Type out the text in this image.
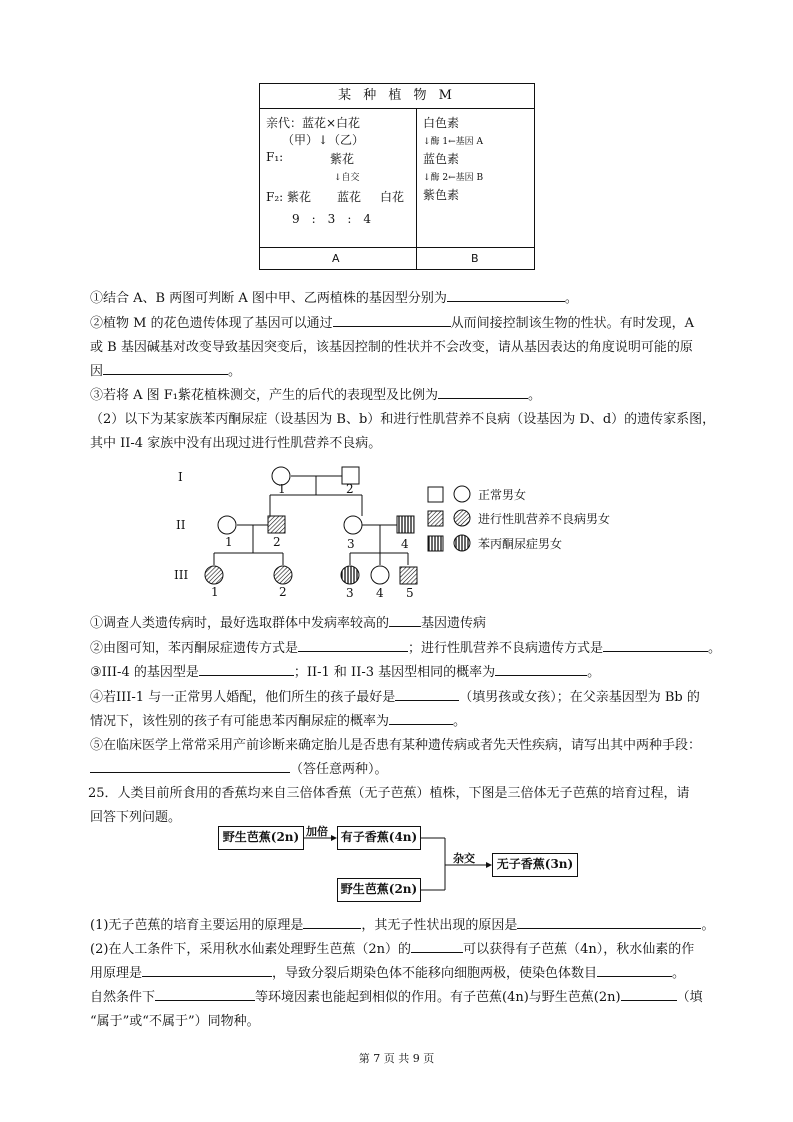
某 种 植 物 M
亲代：蓝花×白花
（甲）↓（乙）
F₁:	紫花
↓自交
F₂: 紫花 蓝花 白花
9　:　3　:　4
白色素
↓酶 1←基因 A
蓝色素
↓酶 2←基因 B
紫色素
A	B
①结合 A、B 两图可判断 A 图中甲、乙两植株的基因型分别为	。
②植物 M 的花色遗传体现了基因可以通过	从而间接控制该生物的性状。有时发现，A
或 B 基因碱基对改变导致基因突变后，该基因控制的性状并不会改变，请从基因表达的角度说明可能的原
因	。
③若将 A 图 F₁紫花植株测交，产生的后代的表现型及比例为	。
（2）以下为某家族苯丙酮尿症（设基因为 B、b）和进行性肌营养不良病（设基因为 D、d）的遗传家系图，
其中 II-4 家族中没有出现过进行性肌营养不良病。
I
II
III
1	2
1	2	3	4
1	2	3 4 5
正常男女
进行性肌营养不良病男女
苯丙酮尿症男女
①调查人类遗传病时，最好选取群体中发病率较高的 基因遗传病
②由图可知，苯丙酮尿症遗传方式是	；进行性肌营养不良病遗传方式是	。
③III-4 的基因型是	；II-1 和 II-3 基因型相同的概率为	。
④若III-1 与一正常男人婚配，他们所生的孩子最好是	（填男孩或女孩）；在父亲基因型为 Bb 的
情况下，该性别的孩子有可能患苯丙酮尿症的概率为	。
⑤在临床医学上常常采用产前诊断来确定胎儿是否患有某种遗传病或者先天性疾病，请写出其中两种手段：
（答任意两种）。
25．人类目前所食用的香蕉均来自三倍体香蕉（无子芭蕉）植株，下图是三倍体无子芭蕉的培育过程，请
回答下列问题。
野生芭蕉(2n)	有子香蕉(4n)
野生芭蕉(2n)
无子香蕉(3n)
加倍
杂交
(1)无子芭蕉的培育主要运用的原理是	，其无子性状出现的原因是	。
(2)在人工条件下，采用秋水仙素处理野生芭蕉（2n）的	可以获得有子芭蕉（4n），秋水仙素的作
用原理是	，导致分裂后期染色体不能移向细胞两极，使染色体数目	。
自然条件下	等环境因素也能起到相似的作用。有子芭蕉(4n)与野生芭蕉(2n)	（填
“属于”或“不属于”）同物种。
第 7 页 共 9 页
